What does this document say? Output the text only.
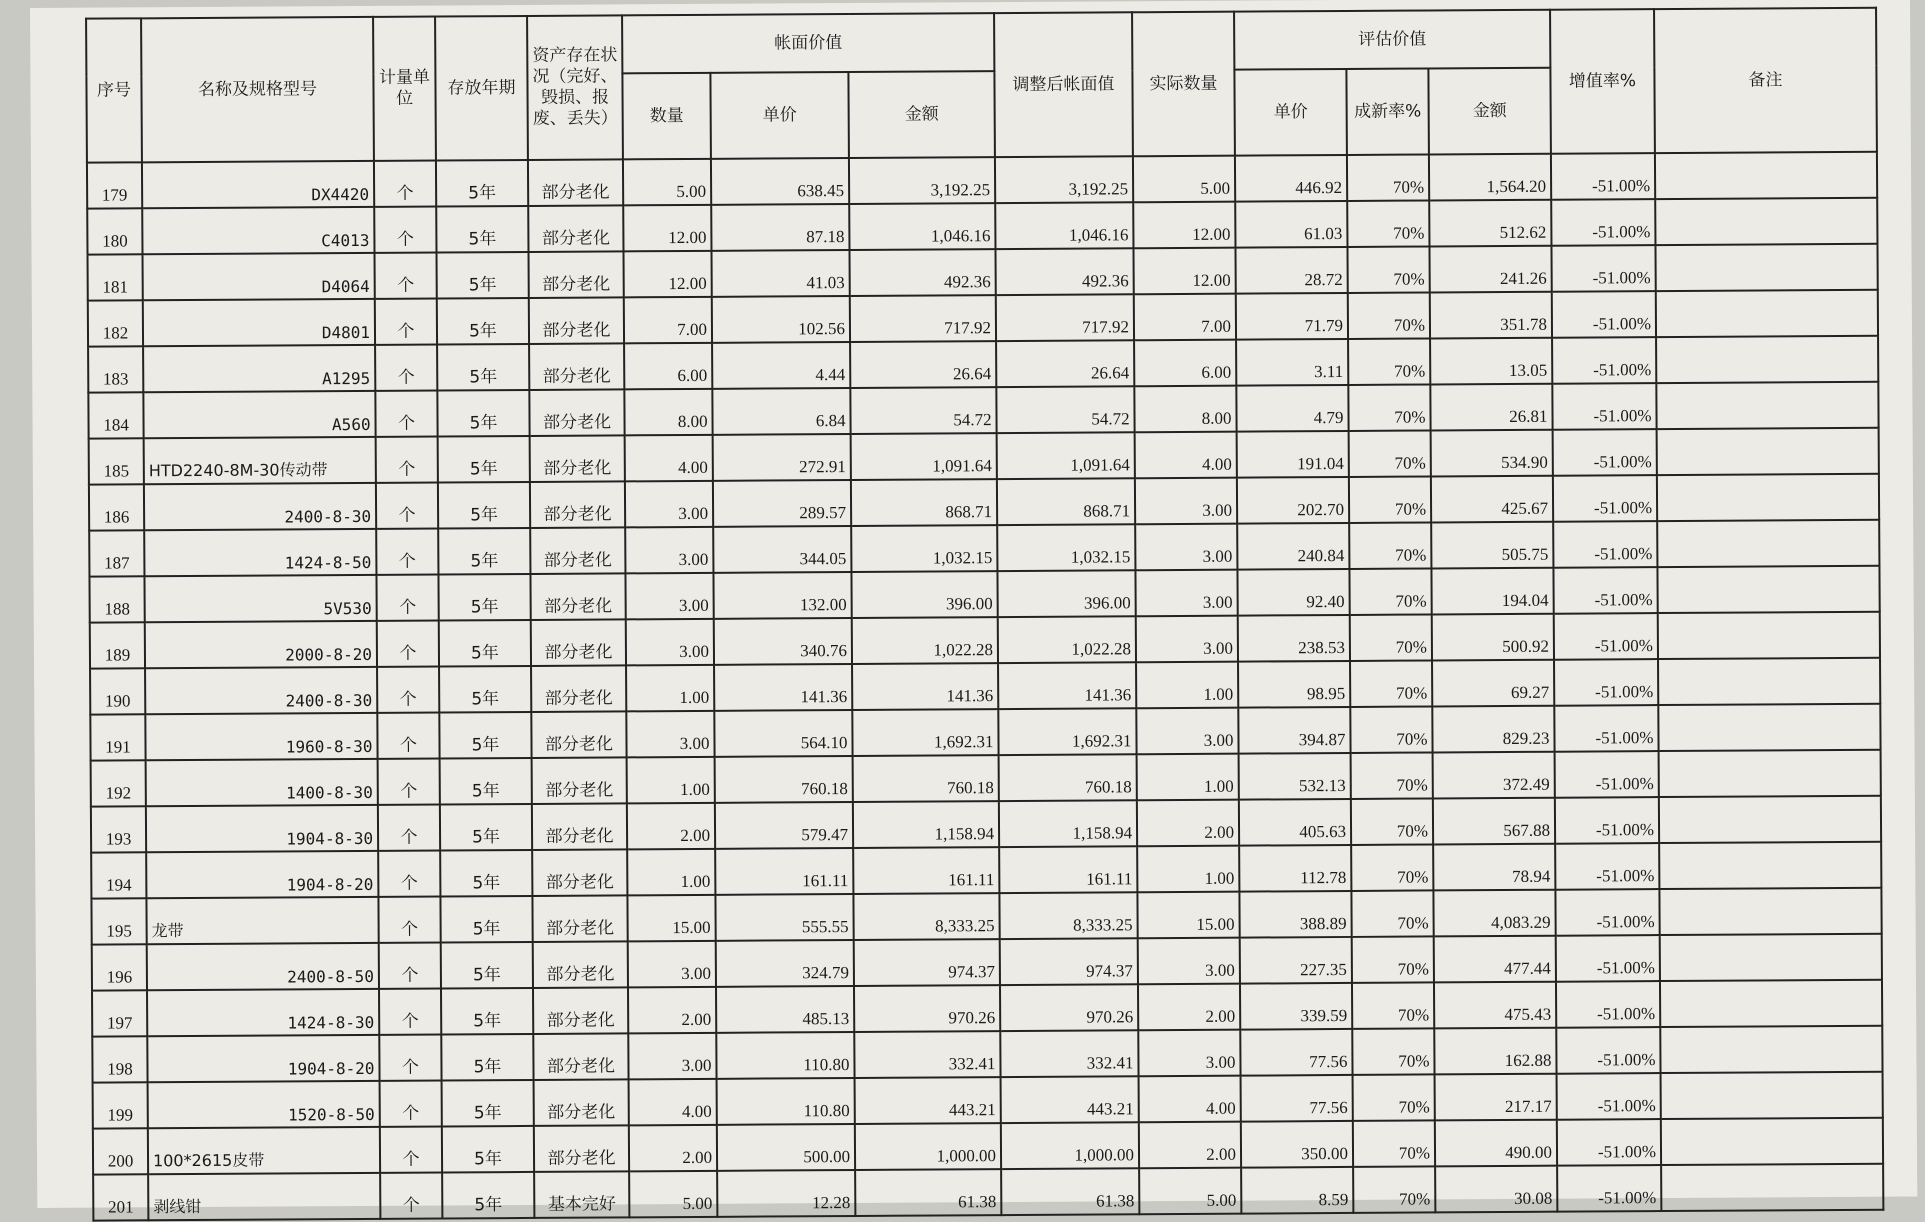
序号	名称及规格型号	计量单位	存放年期	资产存在状况（完好、毁损、报废、丢失）	帐面价值			调整后帐面值	实际数量	评估价值			增值率%	备注
					数量	单价	金额			单价	成新率%	金额		
179	DX4420	个	5年	部分老化	5.00	638.45	3,192.25	3,192.25	5.00	446.92	70%	1,564.20	-51.00%	
180	C4013	个	5年	部分老化	12.00	87.18	1,046.16	1,046.16	12.00	61.03	70%	512.62	-51.00%	
181	D4064	个	5年	部分老化	12.00	41.03	492.36	492.36	12.00	28.72	70%	241.26	-51.00%	
182	D4801	个	5年	部分老化	7.00	102.56	717.92	717.92	7.00	71.79	70%	351.78	-51.00%	
183	A1295	个	5年	部分老化	6.00	4.44	26.64	26.64	6.00	3.11	70%	13.05	-51.00%	
184	A560	个	5年	部分老化	8.00	6.84	54.72	54.72	8.00	4.79	70%	26.81	-51.00%	
185	HTD2240-8M-30传动带	个	5年	部分老化	4.00	272.91	1,091.64	1,091.64	4.00	191.04	70%	534.90	-51.00%	
186	2400-8-30	个	5年	部分老化	3.00	289.57	868.71	868.71	3.00	202.70	70%	425.67	-51.00%	
187	1424-8-50	个	5年	部分老化	3.00	344.05	1,032.15	1,032.15	3.00	240.84	70%	505.75	-51.00%	
188	5V530	个	5年	部分老化	3.00	132.00	396.00	396.00	3.00	92.40	70%	194.04	-51.00%	
189	2000-8-20	个	5年	部分老化	3.00	340.76	1,022.28	1,022.28	3.00	238.53	70%	500.92	-51.00%	
190	2400-8-30	个	5年	部分老化	1.00	141.36	141.36	141.36	1.00	98.95	70%	69.27	-51.00%	
191	1960-8-30	个	5年	部分老化	3.00	564.10	1,692.31	1,692.31	3.00	394.87	70%	829.23	-51.00%	
192	1400-8-30	个	5年	部分老化	1.00	760.18	760.18	760.18	1.00	532.13	70%	372.49	-51.00%	
193	1904-8-30	个	5年	部分老化	2.00	579.47	1,158.94	1,158.94	2.00	405.63	70%	567.88	-51.00%	
194	1904-8-20	个	5年	部分老化	1.00	161.11	161.11	161.11	1.00	112.78	70%	78.94	-51.00%	
195	龙带	个	5年	部分老化	15.00	555.55	8,333.25	8,333.25	15.00	388.89	70%	4,083.29	-51.00%	
196	2400-8-50	个	5年	部分老化	3.00	324.79	974.37	974.37	3.00	227.35	70%	477.44	-51.00%	
197	1424-8-30	个	5年	部分老化	2.00	485.13	970.26	970.26	2.00	339.59	70%	475.43	-51.00%	
198	1904-8-20	个	5年	部分老化	3.00	110.80	332.41	332.41	3.00	77.56	70%	162.88	-51.00%	
199	1520-8-50	个	5年	部分老化	4.00	110.80	443.21	443.21	4.00	77.56	70%	217.17	-51.00%	
200	100*2615皮带	个	5年	部分老化	2.00	500.00	1,000.00	1,000.00	2.00	350.00	70%	490.00	-51.00%	
201	剥线钳	个	5年	基本完好	5.00	12.28	61.38	61.38	5.00	8.59	70%	30.08	-51.00%	
